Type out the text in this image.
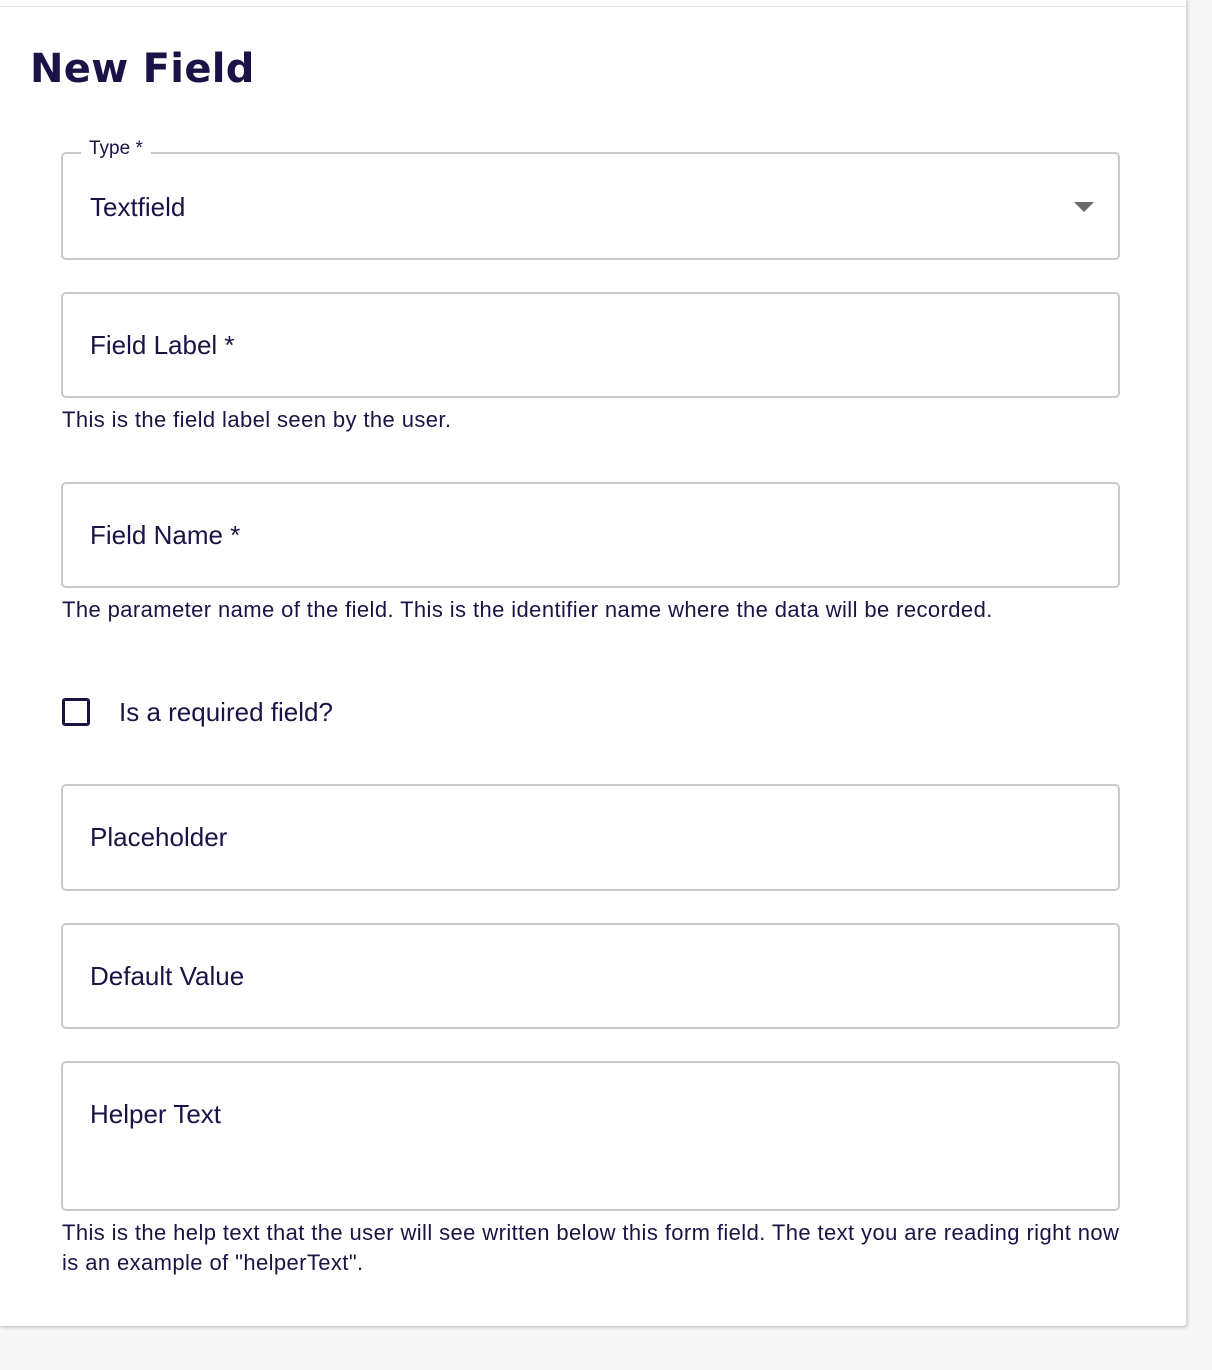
New Field
Type *
Textfield
Field Label *
This is the field label seen by the user.
Field Name *
The parameter name of the field. This is the identifier name where the data will be recorded.
Is a required field?
Placeholder
Default Value
Helper Text
This is the help text that the user will see written below this form field. The text you are reading right now is an example of "helperText".
